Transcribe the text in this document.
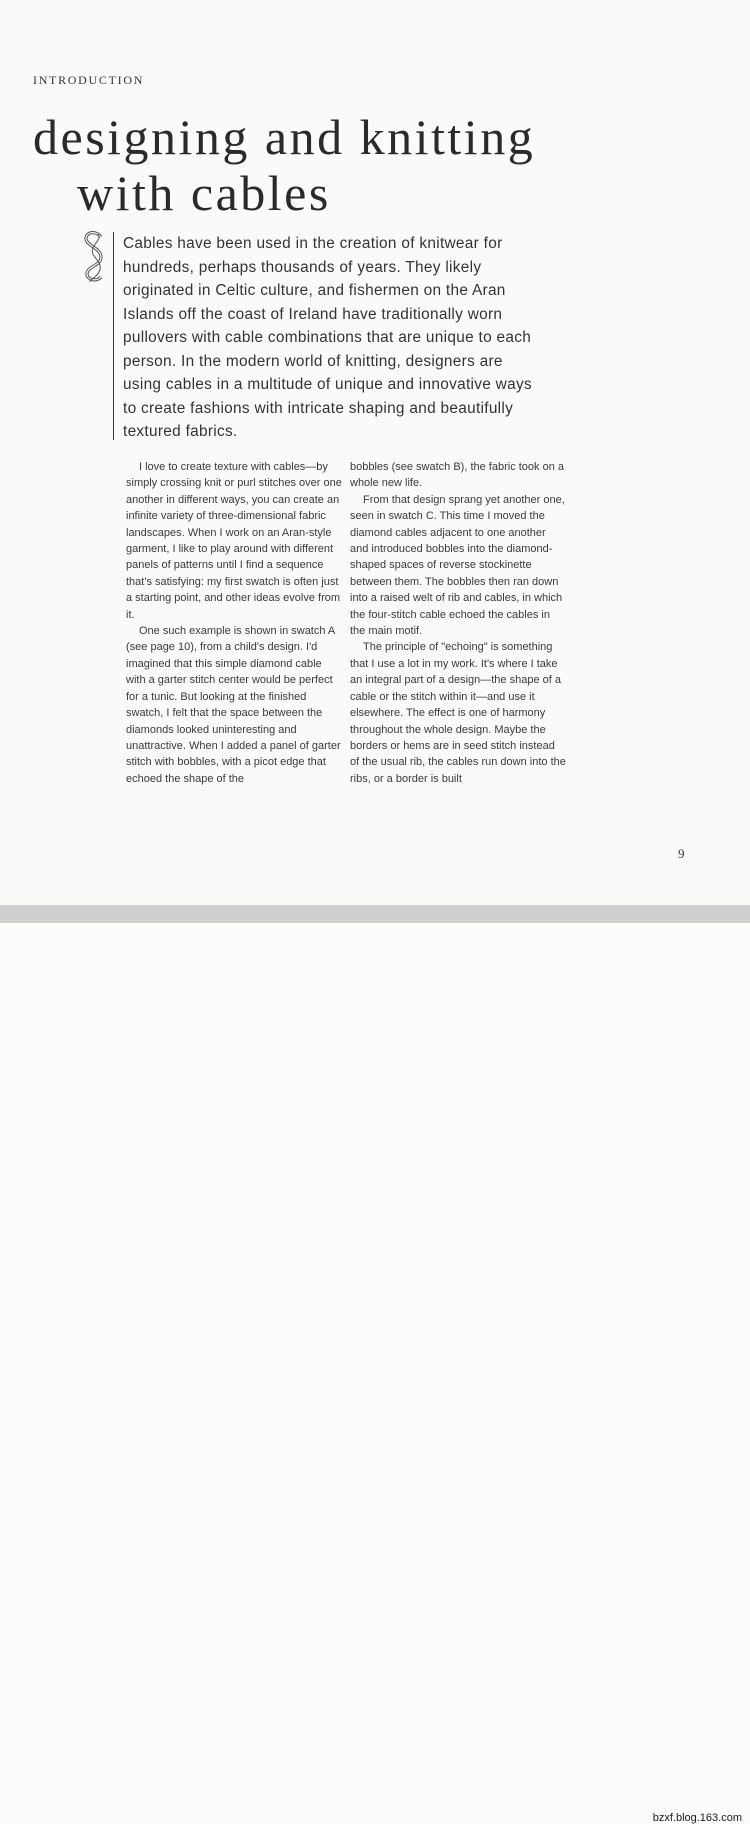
INTRODUCTION
designing and knitting
with cables

Cables have been used in the creation of knitwear for hundreds, perhaps thousands of years. They likely originated in Celtic culture, and fishermen on the Aran Islands off the coast of Ireland have traditionally worn pullovers with cable combinations that are unique to each person. In the modern world of knitting, designers are using cables in a multitude of unique and innovative ways to create fashions with intricate shaping and beautifully textured fabrics.

I love to create texture with cables—by simply crossing knit or purl stitches over one another in different ways, you can create an infinite variety of three-dimensional fabric landscapes. When I work on an Aran-style garment, I like to play around with different panels of patterns until I find a sequence that's satisfying: my first swatch is often just a starting point, and other ideas evolve from it.

One such example is shown in swatch A (see page 10), from a child's design. I'd imagined that this simple diamond cable with a garter stitch center would be perfect for a tunic. But looking at the finished swatch, I felt that the space between the diamonds looked uninteresting and unattractive. When I added a panel of garter stitch with bobbles, with a picot edge that echoed the shape of the

bobbles (see swatch B), the fabric took on a whole new life.

From that design sprang yet another one, seen in swatch C. This time I moved the diamond cables adjacent to one another and introduced bobbles into the diamond-shaped spaces of reverse stockinette between them. The bobbles then ran down into a raised welt of rib and cables, in which the four-stitch cable echoed the cables in the main motif.

The principle of "echoing" is something that I use a lot in my work. It's where I take an integral part of a design—the shape of a cable or the stitch within it—and use it elsewhere. The effect is one of harmony throughout the whole design. Maybe the borders or hems are in seed stitch instead of the usual rib, the cables run down into the ribs, or a border is built

9
bzxf.blog.163.com
